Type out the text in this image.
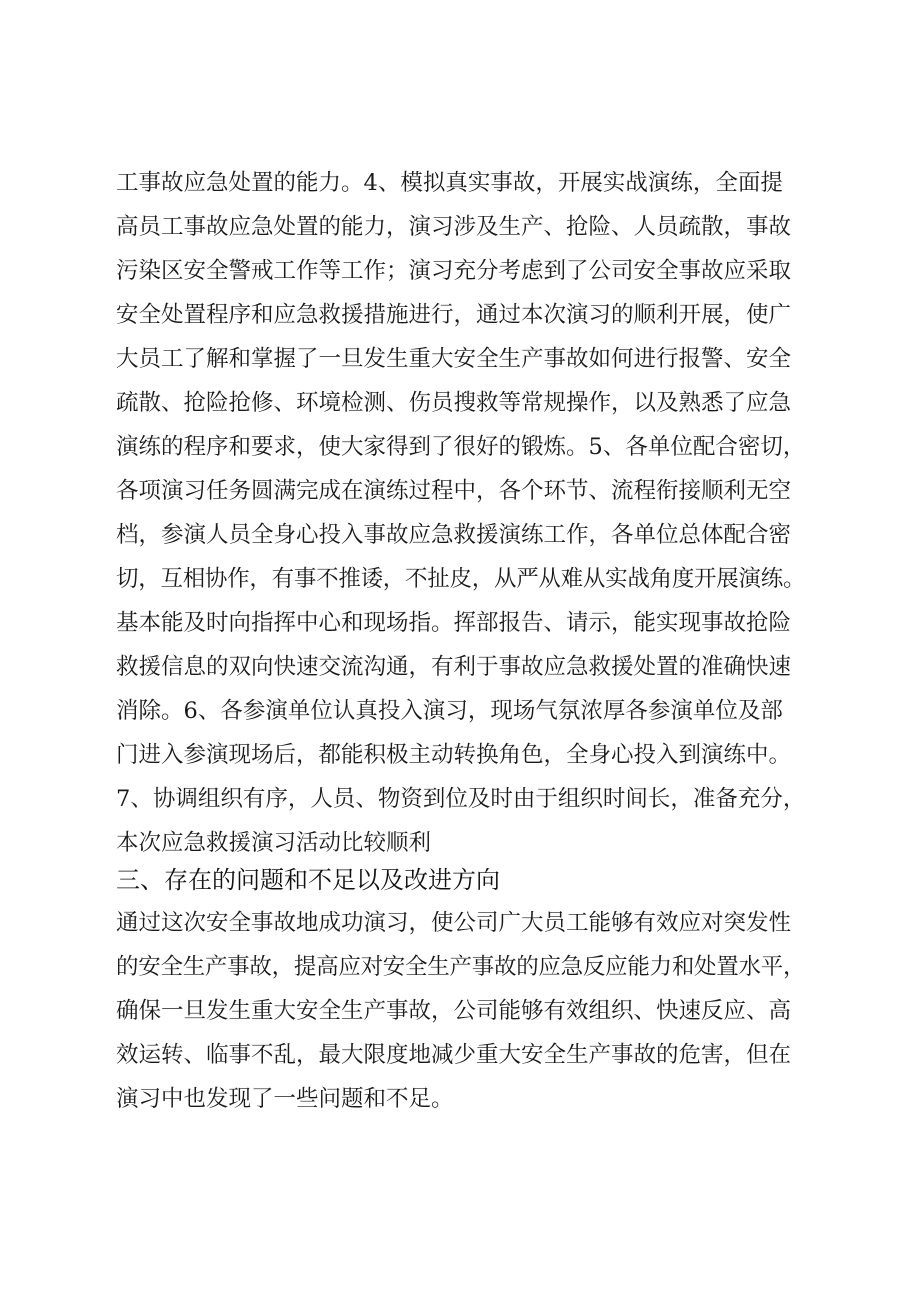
工事故应急处置的能力。4、模拟真实事故，开展实战演练，全面提
高员工事故应急处置的能力，演习涉及生产、抢险、人员疏散，事故
污染区安全警戒工作等工作；演习充分考虑到了公司安全事故应采取
安全处置程序和应急救援措施进行，通过本次演习的顺利开展，使广
大员工了解和掌握了一旦发生重大安全生产事故如何进行报警、安全
疏散、抢险抢修、环境检测、伤员搜救等常规操作，以及熟悉了应急
演练的程序和要求，使大家得到了很好的锻炼。5、各单位配合密切，
各项演习任务圆满完成在演练过程中，各个环节、流程衔接顺利无空
档，参演人员全身心投入事故应急救援演练工作，各单位总体配合密
切，互相协作，有事不推诿，不扯皮，从严从难从实战角度开展演练。
基本能及时向指挥中心和现场指。挥部报告、请示，能实现事故抢险
救援信息的双向快速交流沟通，有利于事故应急救援处置的准确快速
消除。6、各参演单位认真投入演习，现场气氛浓厚各参演单位及部
门进入参演现场后，都能积极主动转换角色，全身心投入到演练中。
7、协调组织有序，人员、物资到位及时由于组织时间长，准备充分，
本次应急救援演习活动比较顺利
三、存在的问题和不足以及改进方向
通过这次安全事故地成功演习，使公司广大员工能够有效应对突发性
的安全生产事故，提高应对安全生产事故的应急反应能力和处置水平，
确保一旦发生重大安全生产事故，公司能够有效组织、快速反应、高
效运转、临事不乱，最大限度地减少重大安全生产事故的危害，但在
演习中也发现了一些问题和不足。
